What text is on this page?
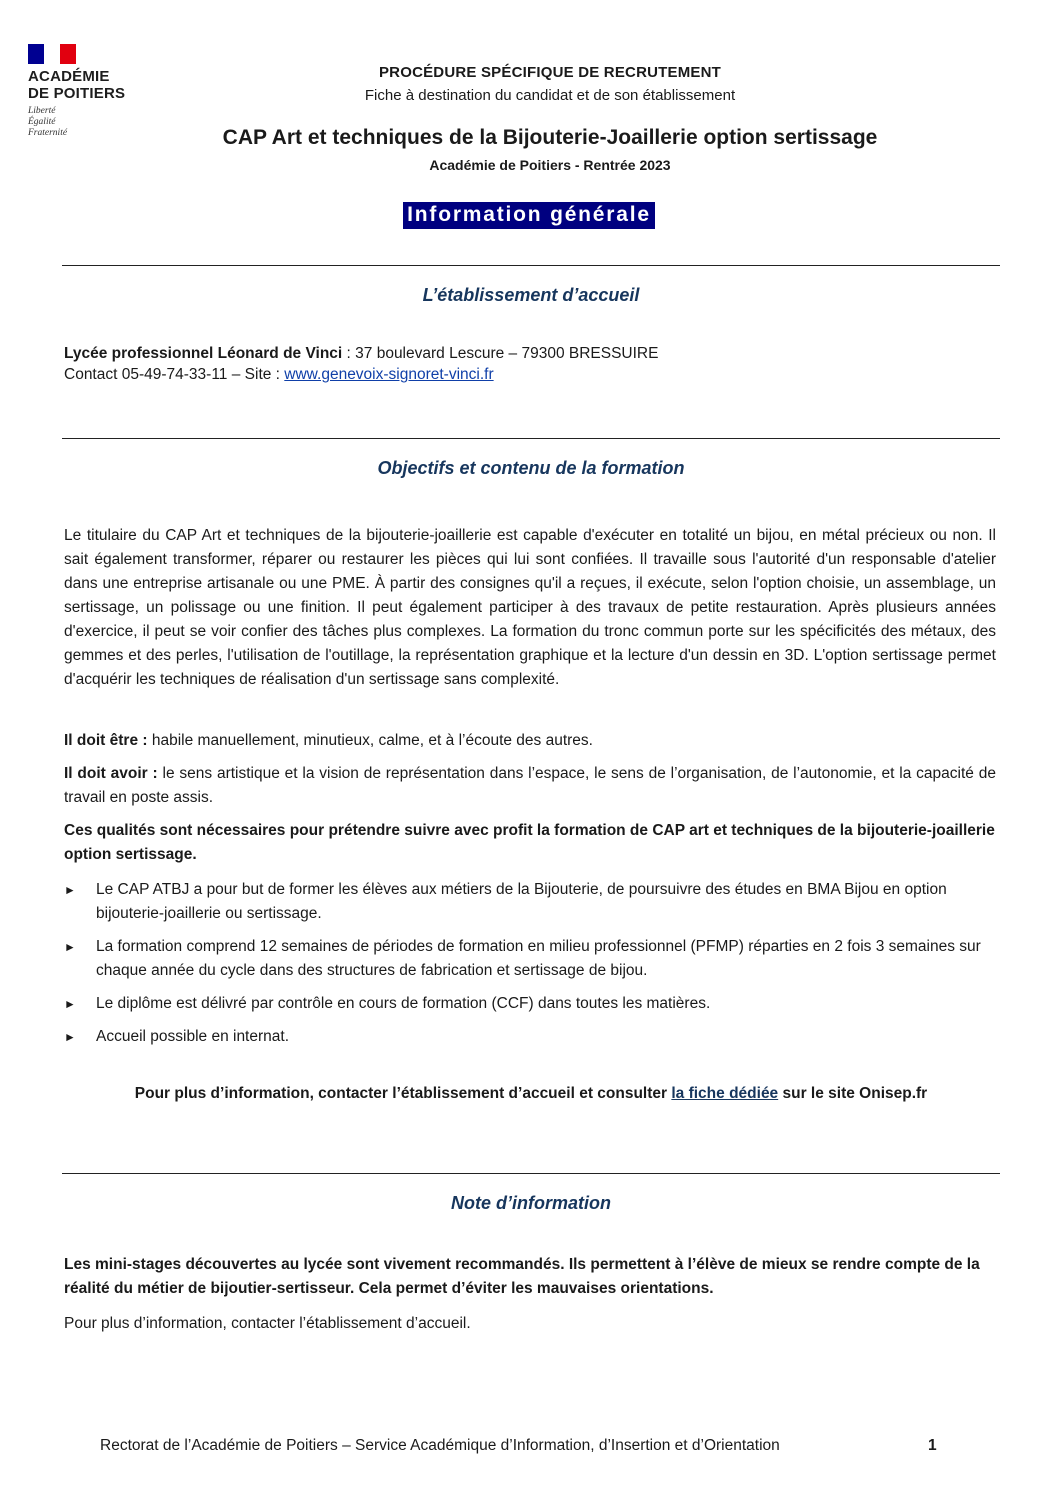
ACADÉMIE
DE POITIERS
Liberté
Égalité
Fraternité
PROCÉDURE SPÉCIFIQUE DE RECRUTEMENT
Fiche à destination du candidat et de son établissement
CAP Art et techniques de la Bijouterie-Joaillerie option sertissage
Académie de Poitiers - Rentrée 2023
Information générale
L’établissement d’accueil
Lycée professionnel Léonard de Vinci : 37 boulevard Lescure – 79300 BRESSUIRE
Contact 05-49-74-33-11 – Site : www.genevoix-signoret-vinci.fr
Objectifs et contenu de la formation
Le titulaire du CAP Art et techniques de la bijouterie-joaillerie est capable d'exécuter en totalité un bijou, en métal précieux ou non. Il sait également transformer, réparer ou restaurer les pièces qui lui sont confiées. Il travaille sous l'autorité d'un responsable d'atelier dans une entreprise artisanale ou une PME. À partir des consignes qu'il a reçues, il exécute, selon l'option choisie, un assemblage, un sertissage, un polissage ou une finition. Il peut également participer à des travaux de petite restauration. Après plusieurs années d'exercice, il peut se voir confier des tâches plus complexes. La formation du tronc commun porte sur les spécificités des métaux, des gemmes et des perles, l'utilisation de l'outillage, la représentation graphique et la lecture d'un dessin en 3D. L'option sertissage permet d'acquérir les techniques de réalisation d'un sertissage sans complexité.
Il doit être : habile manuellement, minutieux, calme, et à l’écoute des autres.
Il doit avoir : le sens artistique et la vision de représentation dans l’espace, le sens de l’organisation, de l’autonomie, et la capacité de travail en poste assis.
Ces qualités sont nécessaires pour prétendre suivre avec profit la formation de CAP art et techniques de la bijouterie-joaillerie option sertissage.
► Le CAP ATBJ a pour but de former les élèves aux métiers de la Bijouterie, de poursuivre des études en BMA Bijou en option bijouterie-joaillerie ou sertissage.
► La formation comprend 12 semaines de périodes de formation en milieu professionnel (PFMP) réparties en 2 fois 3 semaines sur chaque année du cycle dans des structures de fabrication et sertissage de bijou.
► Le diplôme est délivré par contrôle en cours de formation (CCF) dans toutes les matières.
► Accueil possible en internat.
Pour plus d’information, contacter l’établissement d’accueil et consulter la fiche dédiée sur le site Onisep.fr
Note d’information
Les mini-stages découvertes au lycée sont vivement recommandés. Ils permettent à l’élève de mieux se rendre compte de la réalité du métier de bijoutier-sertisseur. Cela permet d’éviter les mauvaises orientations.
Pour plus d’information, contacter l’établissement d’accueil.
Rectorat de l’Académie de Poitiers – Service Académique d’Information, d’Insertion et d’Orientation	1
